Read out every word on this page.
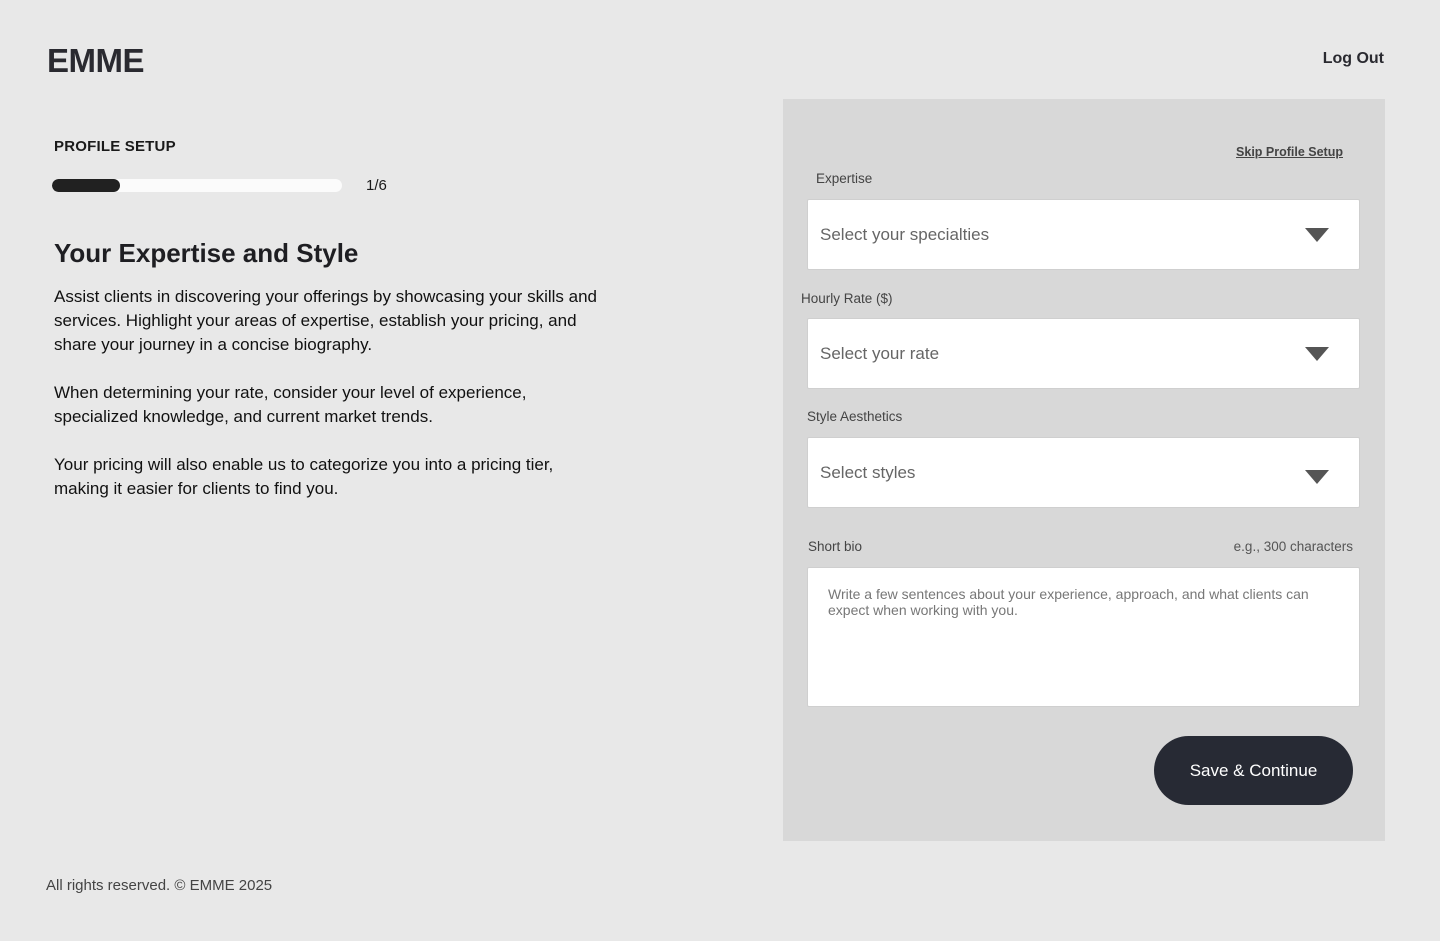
EMME	Log Out
PROFILE SETUP
1/6
Your Expertise and Style

Assist clients in discovering your offerings by showcasing your skills and services. Highlight your areas of expertise, establish your pricing, and share your journey in a concise biography.

When determining your rate, consider your level of experience, specialized knowledge, and current market trends.

Your pricing will also enable us to categorize you into a pricing tier, making it easier for clients to find you.

Skip Profile Setup
Expertise
Select your specialties
Hourly Rate ($)
Select your rate
Style Aesthetics
Select styles
Short bio	e.g., 300 characters
Write a few sentences about your experience, approach, and what clients can expect when working with you.
Save & Continue
All rights reserved. © EMME 2025
